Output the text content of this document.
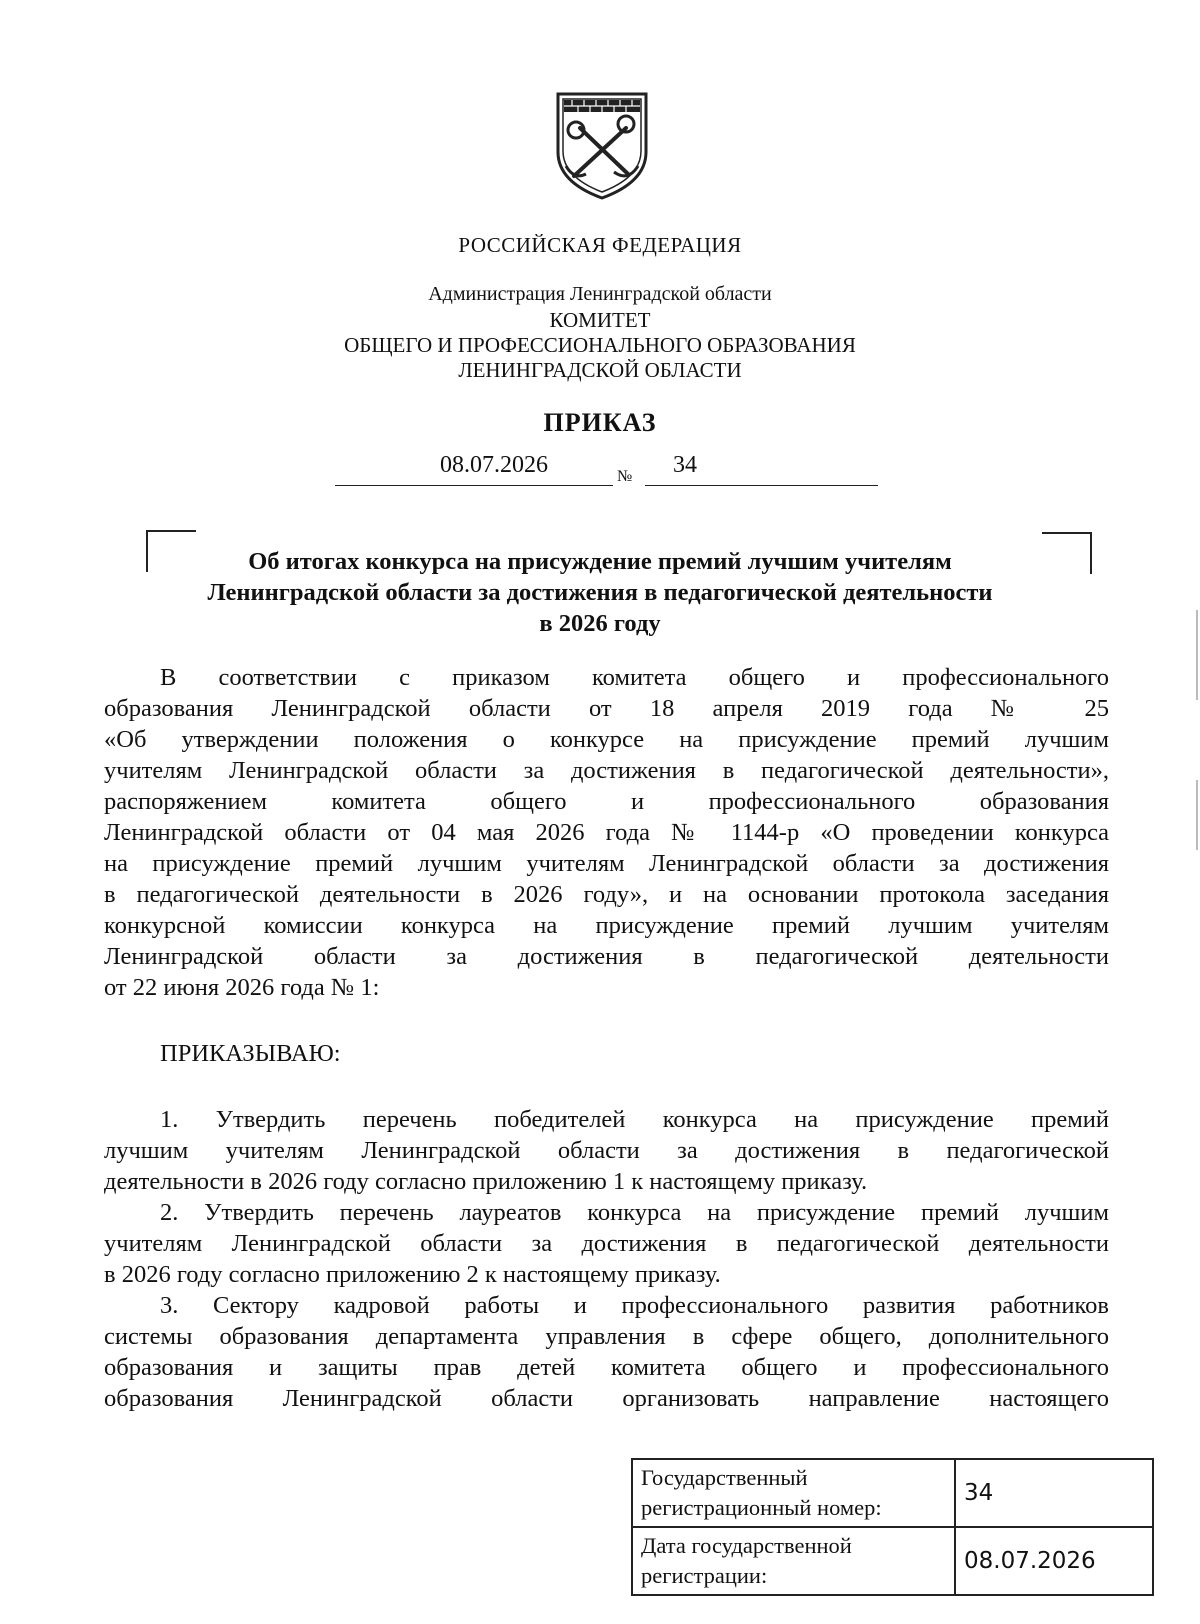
РОССИЙСКАЯ ФЕДЕРАЦИЯ
Администрация Ленинградской области
КОМИТЕТ
ОБЩЕГО И ПРОФЕССИОНАЛЬНОГО ОБРАЗОВАНИЯ
ЛЕНИНГРАДСКОЙ ОБЛАСТИ
ПРИКАЗ
08.07.2026	№ 34
Об итогах конкурса на присуждение премий лучшим учителям
Ленинградской области за достижения в педагогической деятельности
в 2026 году
В соответствии с приказом комитета общего и профессионального
образования Ленинградской области от 18 апреля 2019 года № 25
«Об утверждении положения о конкурсе на присуждение премий лучшим
учителям Ленинградской области за достижения в педагогической деятельности»,
распоряжением комитета общего и профессионального образования
Ленинградской области от 04 мая 2026 года № 1144-р «О проведении конкурса
на присуждение премий лучшим учителям Ленинградской области за достижения
в педагогической деятельности в 2026 году», и на основании протокола заседания
конкурсной комиссии конкурса на присуждение премий лучшим учителям
Ленинградской области за достижения в педагогической деятельности
от 22 июня 2026 года № 1:
ПРИКАЗЫВАЮ:
1. Утвердить перечень победителей конкурса на присуждение премий
лучшим учителям Ленинградской области за достижения в педагогической
деятельности в 2026 году согласно приложению 1 к настоящему приказу.
2. Утвердить перечень лауреатов конкурса на присуждение премий лучшим
учителям Ленинградской области за достижения в педагогической деятельности
в 2026 году согласно приложению 2 к настоящему приказу.
3. Сектору кадровой работы и профессионального развития работников
системы образования департамента управления в сфере общего, дополнительного
образования и защиты прав детей комитета общего и профессионального
образования Ленинградской области организовать направление настоящего
Государственный регистрационный номер:	34
Дата государственной регистрации:	08.07.2026
